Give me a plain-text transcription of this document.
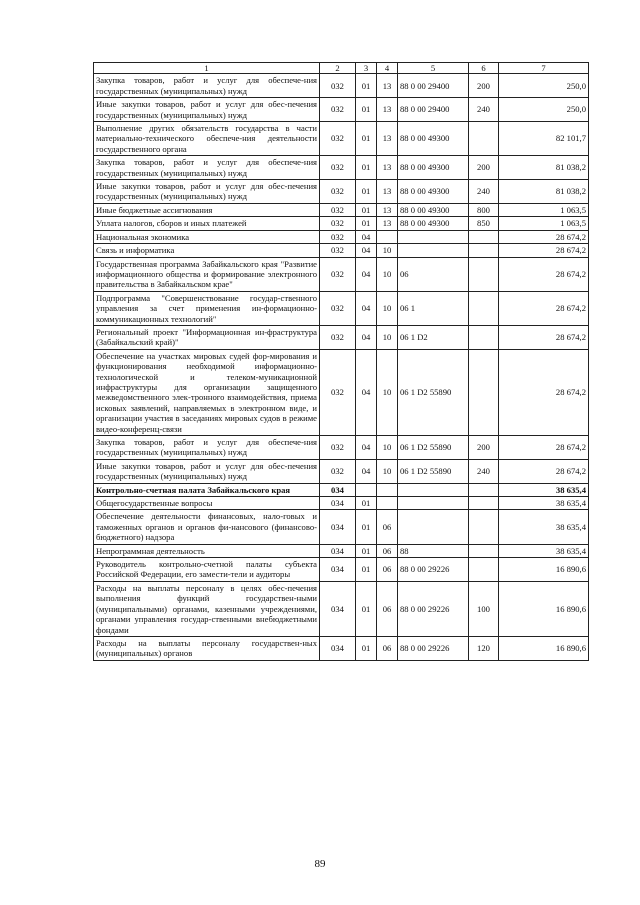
1	2	3	4	5	6	7
Закупка товаров, работ и услуг для обеспече-ния государственных (муниципальных) нужд	032	01	13	88 0 00 29400	200	250,0
Иные закупки товаров, работ и услуг для обес-печения государственных (муниципальных) нужд	032	01	13	88 0 00 29400	240	250,0
Выполнение других обязательств государства в части материально-технического обеспече-ния деятельности государственного органа	032	01	13	88 0 00 49300		82 101,7
Закупка товаров, работ и услуг для обеспече-ния государственных (муниципальных) нужд	032	01	13	88 0 00 49300	200	81 038,2
Иные закупки товаров, работ и услуг для обес-печения государственных (муниципальных) нужд	032	01	13	88 0 00 49300	240	81 038,2
Иные бюджетные ассигнования	032	01	13	88 0 00 49300	800	1 063,5
Уплата налогов, сборов и иных платежей	032	01	13	88 0 00 49300	850	1 063,5
Национальная экономика	032	04				28 674,2
Связь и информатика	032	04	10			28 674,2
Государственная программа Забайкальского края "Развитие информационного общества и формирование электронного правительства в Забайкальском крае"	032	04	10	06		28 674,2
Подпрограмма "Совершенствование государ-ственного управления за счет применения ин-формационно-коммуникационных технологий"	032	04	10	06 1		28 674,2
Региональный проект "Информационная ин-фраструктура (Забайкальский край)"	032	04	10	06 1 D2		28 674,2
Обеспечение на участках мировых судей фор-мирования и функционирования необходимой информационно-технологической и телеком-муникационной инфраструктуры для организации защищенного межведомственного элек-тронного взаимодействия, приема исковых заявлений, направляемых в электронном виде, и организации участия в заседаниях мировых судов в режиме видео-конференц-связи	032	04	10	06 1 D2 55890		28 674,2
Закупка товаров, работ и услуг для обеспече-ния государственных (муниципальных) нужд	032	04	10	06 1 D2 55890	200	28 674,2
Иные закупки товаров, работ и услуг для обес-печения государственных (муниципальных) нужд	032	04	10	06 1 D2 55890	240	28 674,2
Контрольно-счетная палата Забайкальского края	034					38 635,4
Общегосударственные вопросы	034	01				38 635,4
Обеспечение деятельности финансовых, нало-говых и таможенных органов и органов фи-нансового (финансово-бюджетного) надзора	034	01	06			38 635,4
Непрограммная деятельность	034	01	06	88		38 635,4
Руководитель контрольно-счетной палаты субъекта Российской Федерации, его замести-тели и аудиторы	034	01	06	88 0 00 29226		16 890,6
Расходы на выплаты персоналу в целях обес-печения выполнения функций государствен-ными (муниципальными) органами, казенными учреждениями, органами управления государ-ственными внебюджетными фондами	034	01	06	88 0 00 29226	100	16 890,6
Расходы на выплаты персоналу государствен-ных (муниципальных) органов	034	01	06	88 0 00 29226	120	16 890,6
89
